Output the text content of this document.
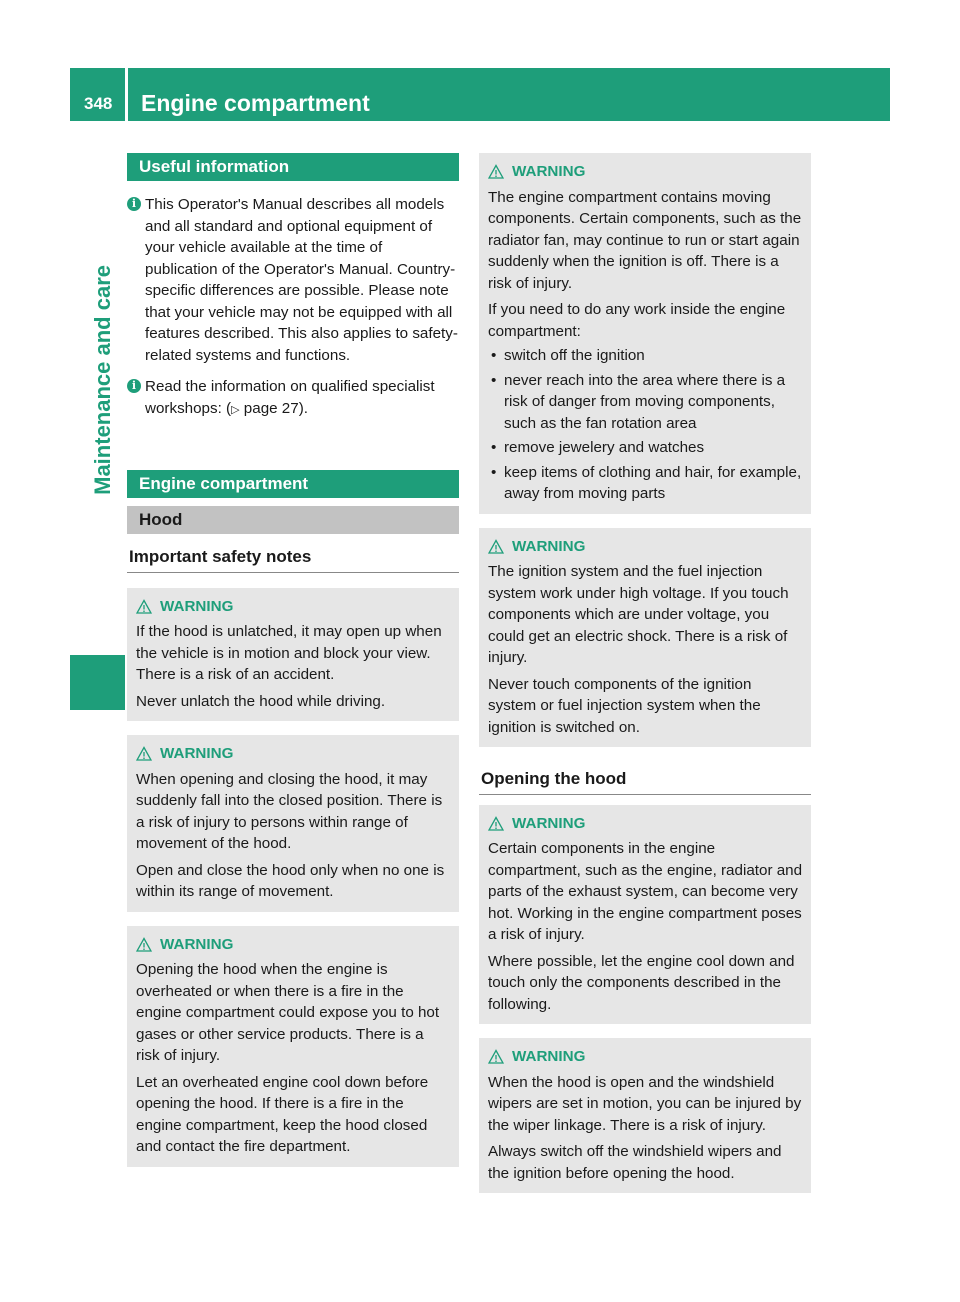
348 Engine compartment
Maintenance and care
Useful information
i This Operator's Manual describes all models and all standard and optional equipment of your vehicle available at the time of publication of the Operator's Manual. Country-specific differences are possible. Please note that your vehicle may not be equipped with all features described. This also applies to safety-related systems and functions.
i Read the information on qualified specialist workshops: (▷ page 27).
Engine compartment
Hood
Important safety notes
WARNING

If the hood is unlatched, it may open up when the vehicle is in motion and block your view. There is a risk of an accident.

Never unlatch the hood while driving.

WARNING

When opening and closing the hood, it may suddenly fall into the closed position. There is a risk of injury to persons within range of movement of the hood.

Open and close the hood only when no one is within its range of movement.

WARNING

Opening the hood when the engine is overheated or when there is a fire in the engine compartment could expose you to hot gases or other service products. There is a risk of injury.

Let an overheated engine cool down before opening the hood. If there is a fire in the engine compartment, keep the hood closed and contact the fire department.

WARNING

The engine compartment contains moving components. Certain components, such as the radiator fan, may continue to run or start again suddenly when the ignition is off. There is a risk of injury.

If you need to do any work inside the engine compartment:

• switch off the ignition
• never reach into the area where there is a risk of danger from moving components, such as the fan rotation area
• remove jewelery and watches
• keep items of clothing and hair, for example, away from moving parts
WARNING

The ignition system and the fuel injection system work under high voltage. If you touch components which are under voltage, you could get an electric shock. There is a risk of injury.

Never touch components of the ignition system or fuel injection system when the ignition is switched on.

Opening the hood
WARNING

Certain components in the engine compartment, such as the engine, radiator and parts of the exhaust system, can become very hot. Working in the engine compartment poses a risk of injury.

Where possible, let the engine cool down and touch only the components described in the following.

WARNING

When the hood is open and the windshield wipers are set in motion, you can be injured by the wiper linkage. There is a risk of injury.

Always switch off the windshield wipers and the ignition before opening the hood.
